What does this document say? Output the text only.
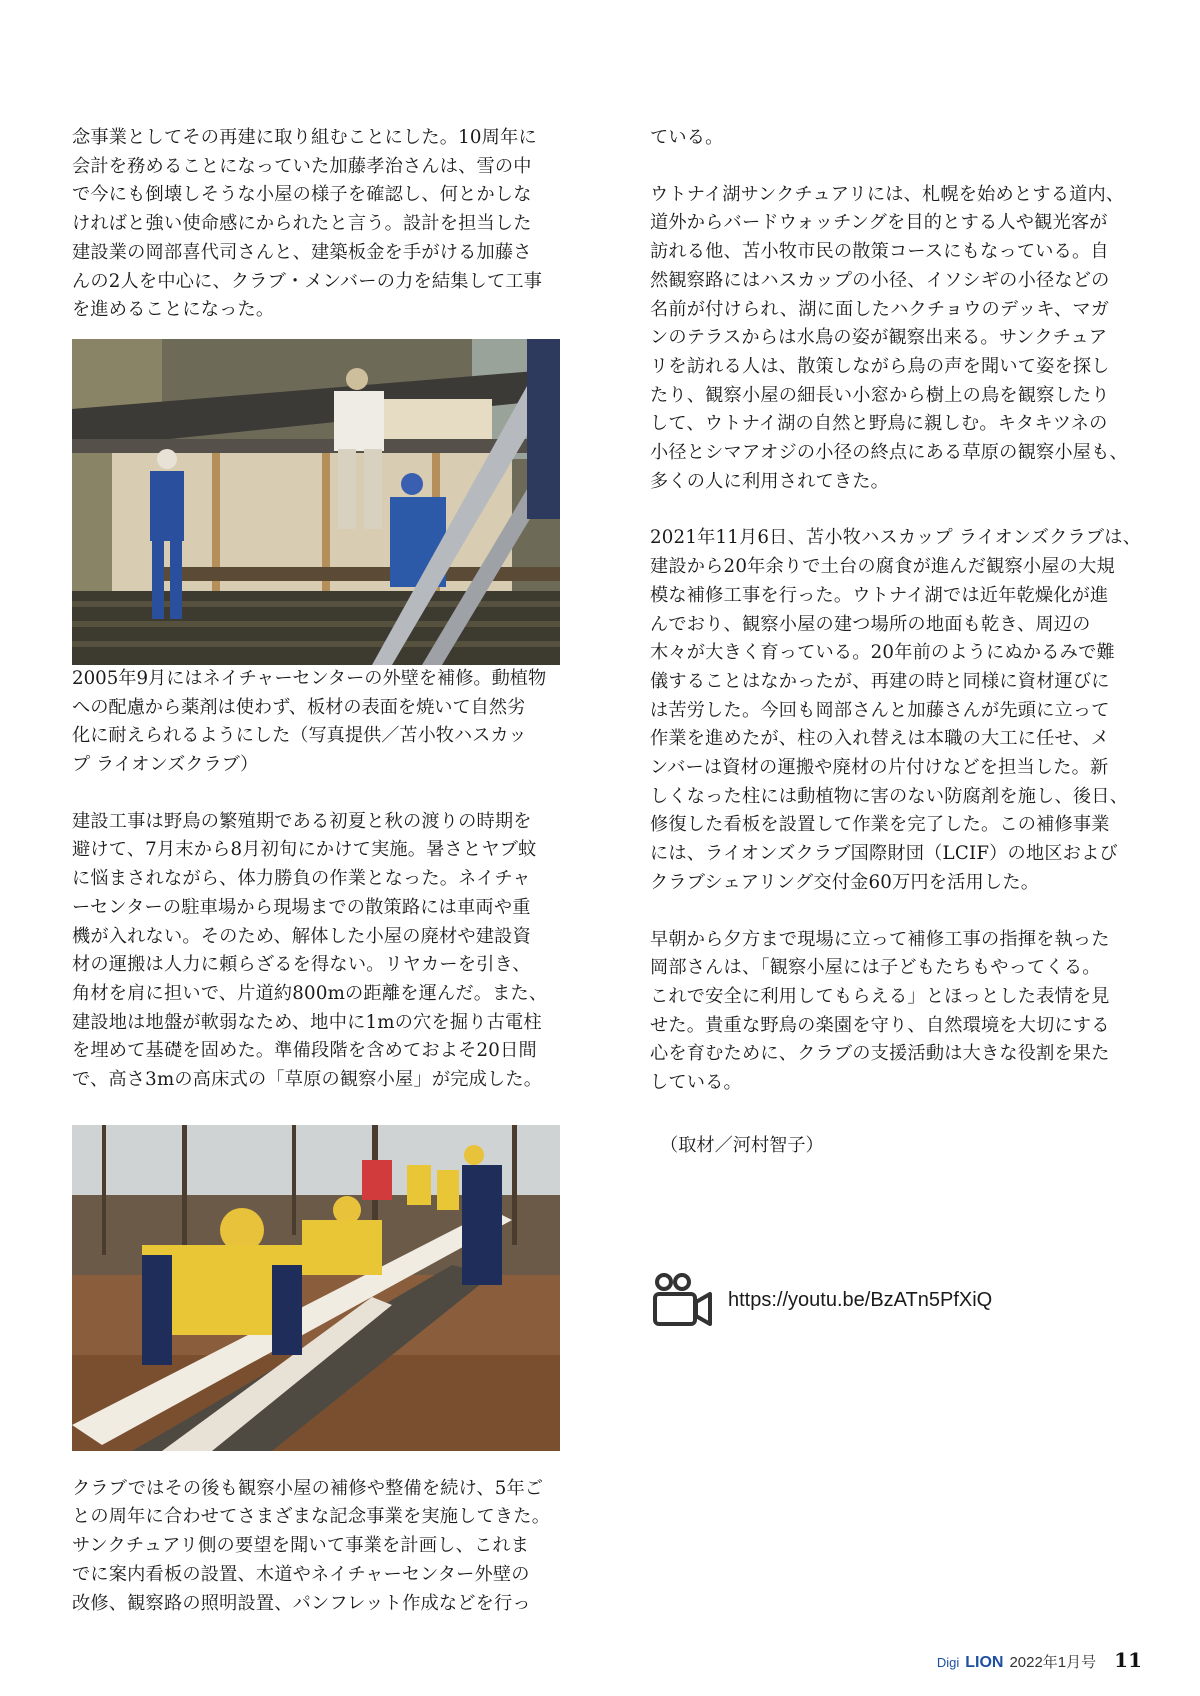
念事業としてその再建に取り組むことにした。10周年に
会計を務めることになっていた加藤孝治さんは、雪の中
で今にも倒壊しそうな小屋の様子を確認し、何とかしな
ければと強い使命感にかられたと言う。設計を担当した
建設業の岡部喜代司さんと、建築板金を手がける加藤さ
んの2人を中心に、クラブ・メンバーの力を結集して工事
を進めることになった。

2005年9月にはネイチャーセンターの外壁を補修。動植物
への配慮から薬剤は使わず、板材の表面を焼いて自然劣
化に耐えられるようにした（写真提供／苫小牧ハスカッ
プ ライオンズクラブ）

建設工事は野鳥の繁殖期である初夏と秋の渡りの時期を
避けて、7月末から8月初旬にかけて実施。暑さとヤブ蚊
に悩まされながら、体力勝負の作業となった。ネイチャ
ーセンターの駐車場から現場までの散策路には車両や重
機が入れない。そのため、解体した小屋の廃材や建設資
材の運搬は人力に頼らざるを得ない。リヤカーを引き、
角材を肩に担いで、片道約800mの距離を運んだ。また、
建設地は地盤が軟弱なため、地中に1mの穴を掘り古電柱
を埋めて基礎を固めた。準備段階を含めておよそ20日間
で、高さ3mの高床式の「草原の観察小屋」が完成した。

クラブではその後も観察小屋の補修や整備を続け、5年ご
との周年に合わせてさまざまな記念事業を実施してきた。
サンクチュアリ側の要望を聞いて事業を計画し、これま
でに案内看板の設置、木道やネイチャーセンター外壁の
改修、観察路の照明設置、パンフレット作成などを行っ

ている。

ウトナイ湖サンクチュアリには、札幌を始めとする道内、
道外からバードウォッチングを目的とする人や観光客が
訪れる他、苫小牧市民の散策コースにもなっている。自
然観察路にはハスカップの小径、イソシギの小径などの
名前が付けられ、湖に面したハクチョウのデッキ、マガ
ンのテラスからは水鳥の姿が観察出来る。サンクチュア
リを訪れる人は、散策しながら鳥の声を聞いて姿を探し
たり、観察小屋の細長い小窓から樹上の鳥を観察したり
して、ウトナイ湖の自然と野鳥に親しむ。キタキツネの
小径とシマアオジの小径の終点にある草原の観察小屋も、
多くの人に利用されてきた。

2021年11月6日、苫小牧ハスカップ ライオンズクラブは、
建設から20年余りで土台の腐食が進んだ観察小屋の大規
模な補修工事を行った。ウトナイ湖では近年乾燥化が進
んでおり、観察小屋の建つ場所の地面も乾き、周辺の
木々が大きく育っている。20年前のようにぬかるみで難
儀することはなかったが、再建の時と同様に資材運びに
は苦労した。今回も岡部さんと加藤さんが先頭に立って
作業を進めたが、柱の入れ替えは本職の大工に任せ、メ
ンバーは資材の運搬や廃材の片付けなどを担当した。新
しくなった柱には動植物に害のない防腐剤を施し、後日、
修復した看板を設置して作業を完了した。この補修事業
には、ライオンズクラブ国際財団（LCIF）の地区および
クラブシェアリング交付金60万円を活用した。

早朝から夕方まで現場に立って補修工事の指揮を執った
岡部さんは、「観察小屋には子どもたちもやってくる。
これで安全に利用してもらえる」とほっとした表情を見
せた。貴重な野鳥の楽園を守り、自然環境を大切にする
心を育むために、クラブの支援活動は大きな役割を果た
している。

（取材／河村智子）

https://youtu.be/BzATn5PfXiQ
Digi LION 2022年1月号 11
